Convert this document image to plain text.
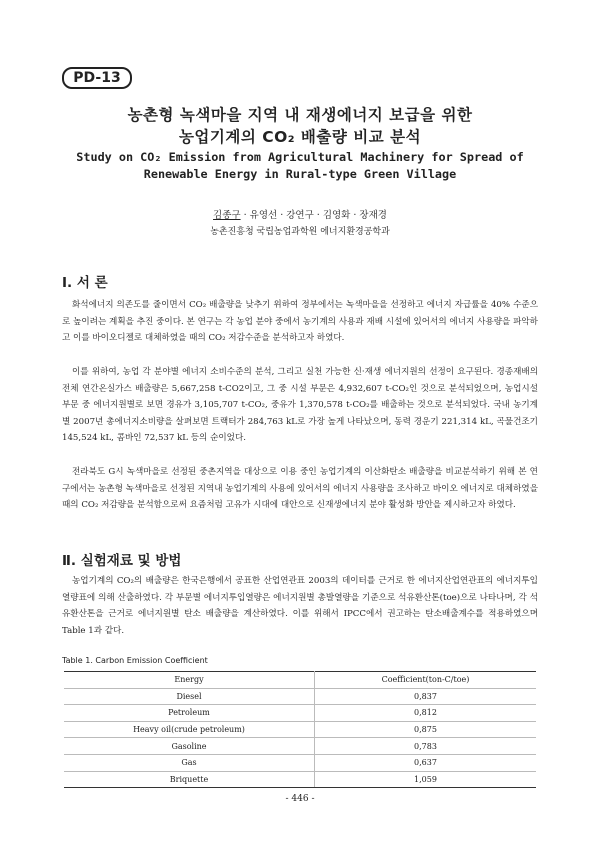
PD-13
농촌형 녹색마을 지역 내 재생에너지 보급을 위한
농업기계의 CO₂ 배출량 비교 분석
Study on CO₂ Emission from Agricultural Machinery for Spread of
Renewable Energy in Rural-type Green Village
김종구 · 유영선 · 강연구 · 김영화 · 장재경
농촌진흥청 국립농업과학원 에너지환경공학과
Ⅰ. 서 론

화석에너지 의존도를 줄이면서 CO₂ 배출량을 낮추기 위하여 정부에서는 녹색마을을 선정하고 에너지 자급률을 40% 수준으로 높이려는 계획을 추진 중이다. 본 연구는 각 농업 분야 중에서 농기계의 사용과 재배 시설에 있어서의 에너지 사용량을 파악하고 이를 바이오디젤로 대체하였을 때의 CO₂ 저감수준을 분석하고자 하였다.

이를 위하여, 농업 각 분야별 에너지 소비수준의 분석, 그리고 실천 가능한 신·재생 에너지원의 선정이 요구된다. 경종재배의 전체 연간온실가스 배출량은 5,667,258 t-CO2이고, 그 중 시설 부문은 4,932,607 t-CO₂인 것으로 분석되었으며, 농업시설 부문 중 에너지원별로 보면 경유가 3,105,707 t-CO₂, 중유가 1,370,578 t-CO₂를 배출하는 것으로 분석되었다. 국내 농기계별 2007년 총에너지소비량을 살펴보면 트랙터가 284,763 kL로 가장 높게 나타났으며, 동력 경운기 221,314 kL, 곡물건조기 145,524 kL, 콤바인 72,537 kL 등의 순이었다.

전라북도 G시 녹색마을로 선정된 중촌지역을 대상으로 이용 중인 농업기계의 이산화탄소 배출량을 비교분석하기 위해 본 연구에서는 농촌형 녹색마을로 선정된 지역내 농업기계의 사용에 있어서의 에너지 사용량을 조사하고 바이오 에너지로 대체하였을 때의 CO₂ 저감량을 분석함으로써 요즘처럼 고유가 시대에 대안으로 신재생에너지 분야 활성화 방안을 제시하고자 하였다.

Ⅱ. 실험재료 및 방법

농업기계의 CO₂의 배출량은 한국은행에서 공표한 산업연관표 2003의 데이터를 근거로 한 에너지산업연관표의 에너지투입열량표에 의해 산출하였다. 각 부문별 에너지투입열량은 에너지원별 총발열량을 기준으로 석유환산톤(toe)으로 나타나며, 각 석유환산톤을 근거로 에너지원별 탄소 배출량을 계산하였다. 이를 위해서 IPCC에서 권고하는 탄소배출계수를 적용하였으며 Table 1과 같다.

Table 1. Carbon Emission Coefficient
Energy	Coefficient(ton-C/toe)
Diesel	0,837
Petroleum	0,812
Heavy oil(crude petroleum)	0,875
Gasoline	0,783
Gas	0,637
Briquette	1,059
- 446 -
